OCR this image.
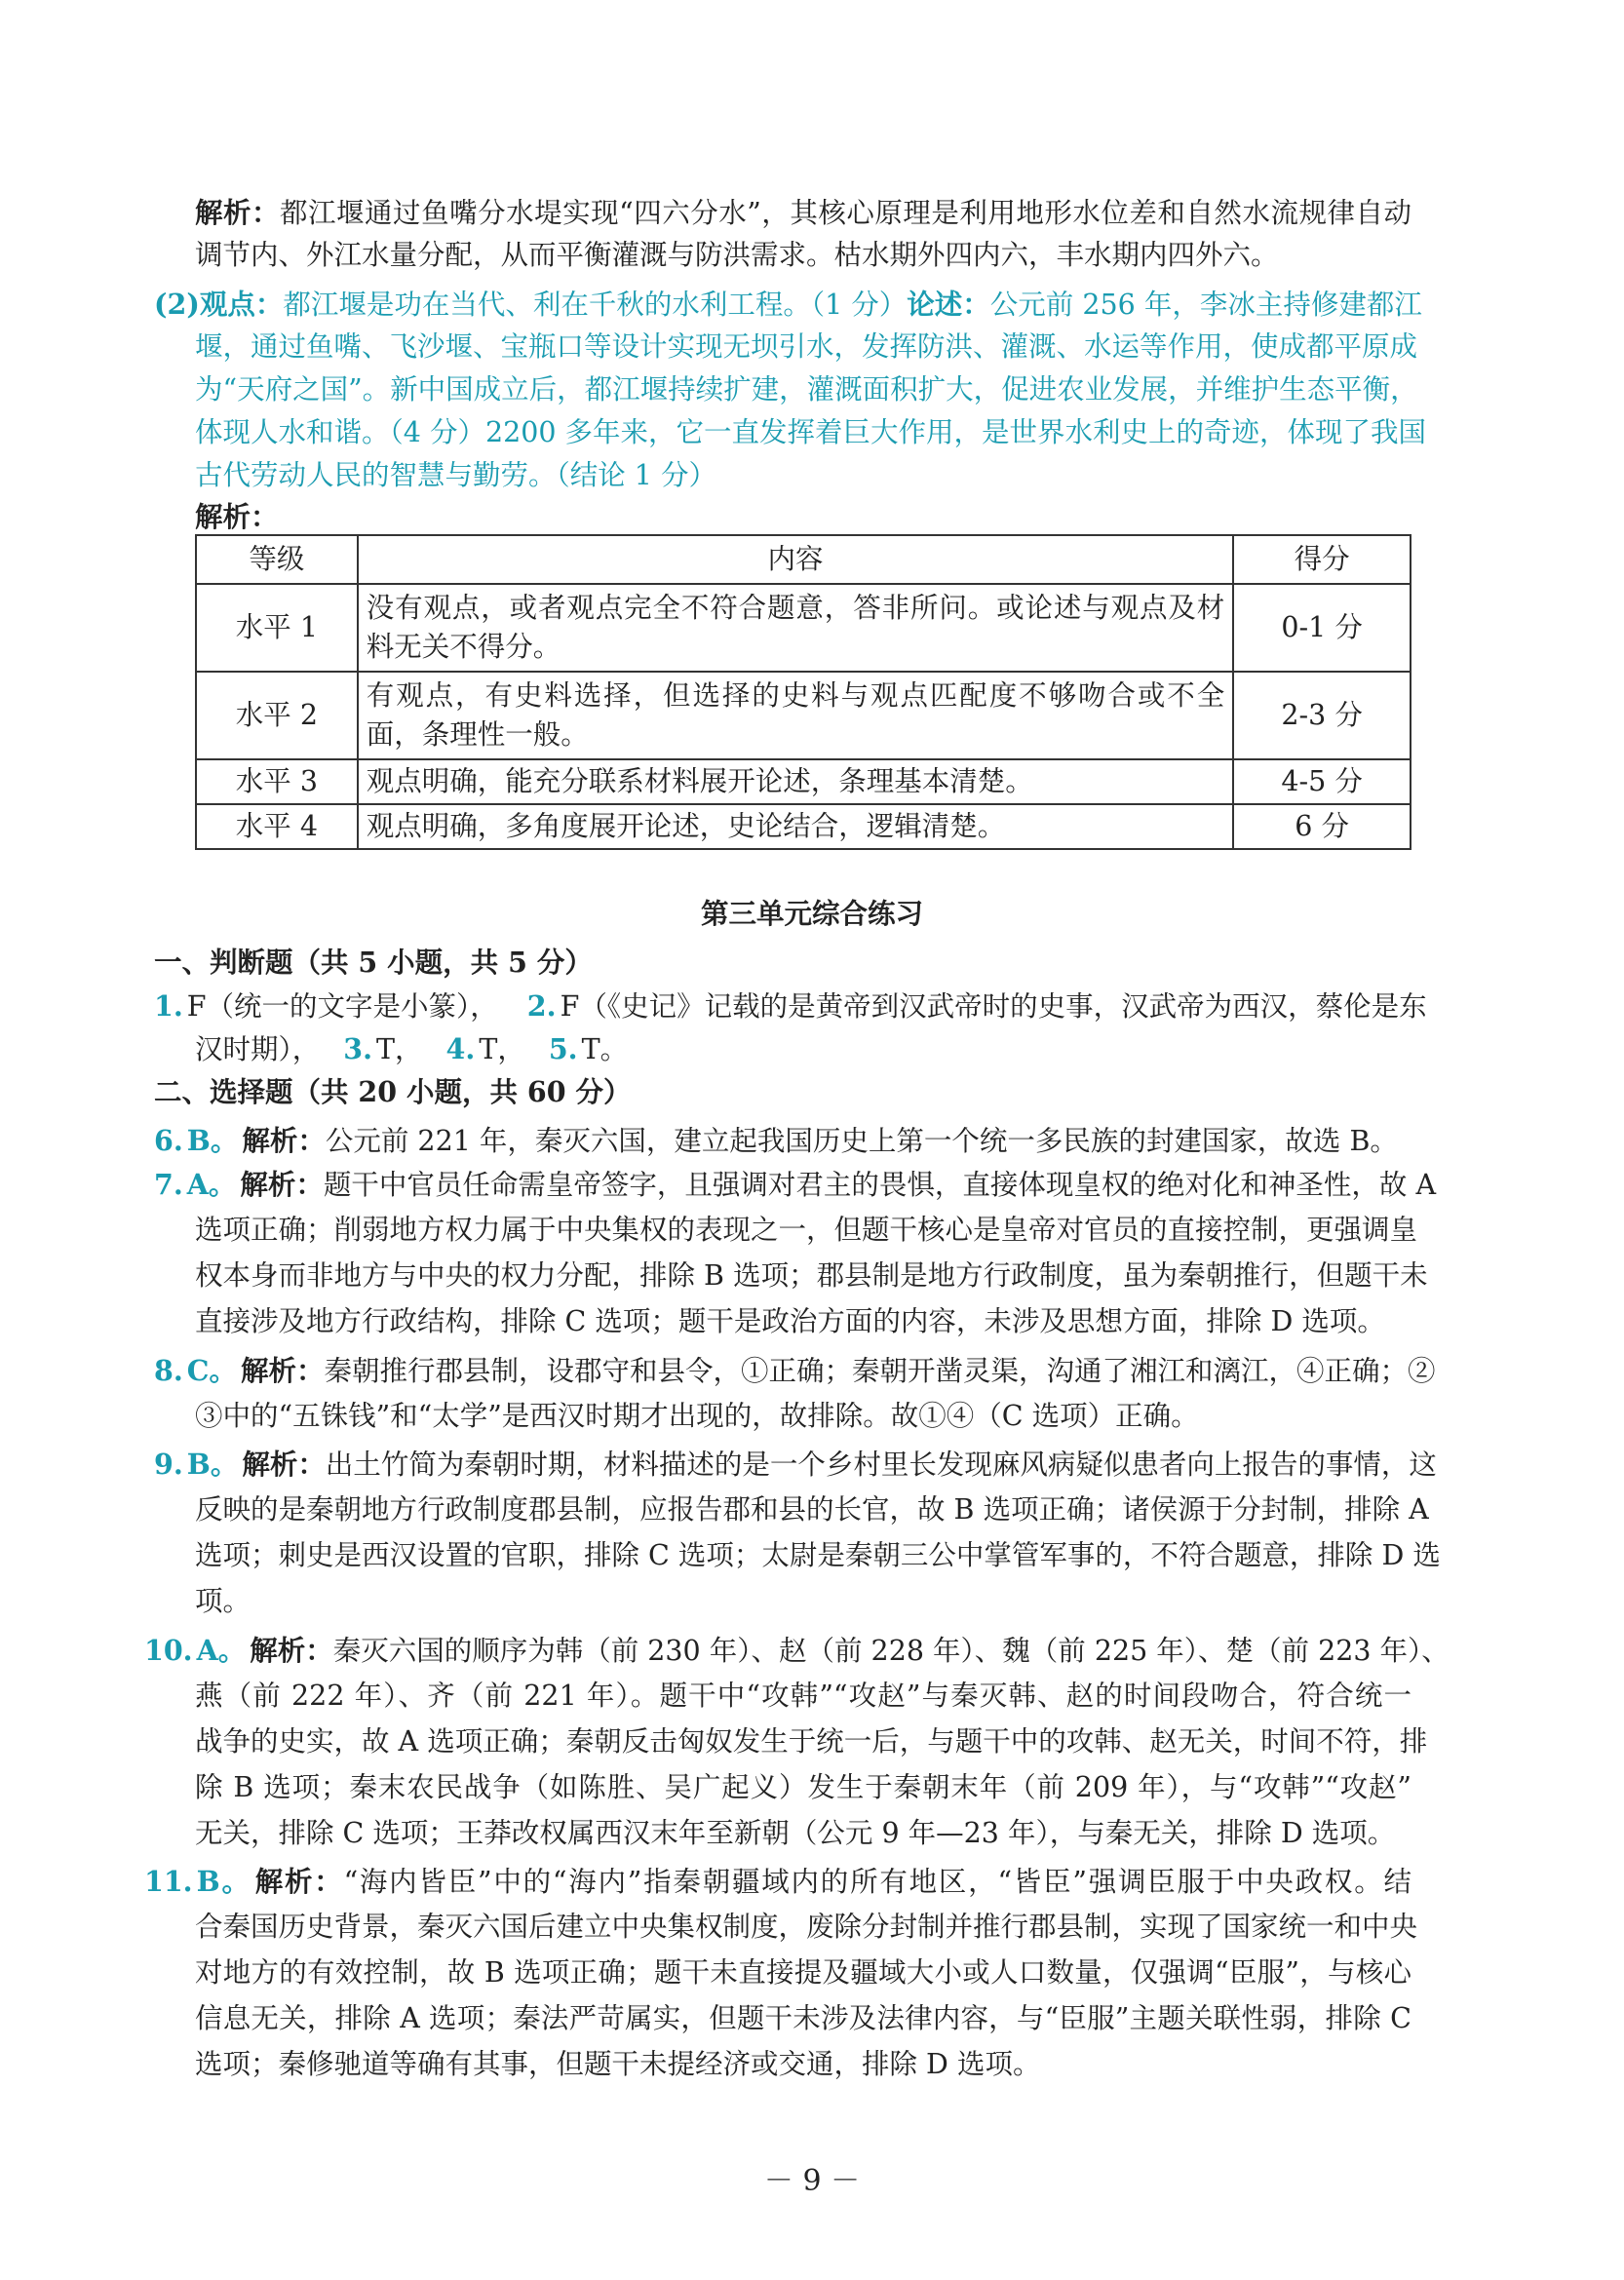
解析：都江堰通过鱼嘴分水堤实现“四六分水”，其核心原理是利用地形水位差和自然水流规律自动

调节内、外江水量分配，从而平衡灌溉与防洪需求。枯水期外四内六，丰水期内四外六。

(2)观点：都江堰是功在当代、利在千秋的水利工程。（1 分）论述：公元前 256 年，李冰主持修建都江

堰，通过鱼嘴、飞沙堰、宝瓶口等设计实现无坝引水，发挥防洪、灌溉、水运等作用，使成都平原成

为“天府之国”。新中国成立后，都江堰持续扩建，灌溉面积扩大，促进农业发展，并维护生态平衡，

体现人水和谐。（4 分）2200 多年来，它一直发挥着巨大作用，是世界水利史上的奇迹，体现了我国

古代劳动人民的智慧与勤劳。（结论 1 分）

解析：

等级	内容	得分
水平 1	没有观点，或者观点完全不符合题意，答非所问。或论述与观点及材料无关不得分。	0-1 分
水平 2	有观点，有史料选择，但选择的史料与观点匹配度不够吻合或不全面，条理性一般。	2-3 分
水平 3	观点明确，能充分联系材料展开论述，条理基本清楚。	4-5 分
水平 4	观点明确，多角度展开论述，史论结合，逻辑清楚。	6 分

第三单元综合练习

一、判断题（共 5 小题，共 5 分）

1. F（统一的文字是小篆）， 2. F（《史记》记载的是黄帝到汉武帝时的史事，汉武帝为西汉，蔡伦是东

汉时期）， 3. T， 4. T， 5. T。

二、选择题（共 20 小题，共 60 分）

6. B。 解析：公元前 221 年，秦灭六国，建立起我国历史上第一个统一多民族的封建国家，故选 B。

7. A。 解析：题干中官员任命需皇帝签字，且强调对君主的畏惧，直接体现皇权的绝对化和神圣性，故 A

选项正确；削弱地方权力属于中央集权的表现之一，但题干核心是皇帝对官员的直接控制，更强调皇

权本身而非地方与中央的权力分配，排除 B 选项；郡县制是地方行政制度，虽为秦朝推行，但题干未

直接涉及地方行政结构，排除 C 选项；题干是政治方面的内容，未涉及思想方面，排除 D 选项。

8. C。 解析：秦朝推行郡县制，设郡守和县令，①正确；秦朝开凿灵渠，沟通了湘江和漓江，④正确；②

③中的“五铢钱”和“太学”是西汉时期才出现的，故排除。故①④（C 选项）正确。

9. B。 解析：出土竹简为秦朝时期，材料描述的是一个乡村里长发现麻风病疑似患者向上报告的事情，这

反映的是秦朝地方行政制度郡县制，应报告郡和县的长官，故 B 选项正确；诸侯源于分封制，排除 A

选项；刺史是西汉设置的官职，排除 C 选项；太尉是秦朝三公中掌管军事的，不符合题意，排除 D 选

项。

10. A。 解析：秦灭六国的顺序为韩（前 230 年）、赵（前 228 年）、魏（前 225 年）、楚（前 223 年）、

燕（前 222 年）、齐（前 221 年）。题干中“攻韩”“攻赵”与秦灭韩、赵的时间段吻合，符合统一

战争的史实，故 A 选项正确；秦朝反击匈奴发生于统一后，与题干中的攻韩、赵无关，时间不符，排

除 B 选项；秦末农民战争（如陈胜、吴广起义）发生于秦朝末年（前 209 年），与“攻韩”“攻赵”

无关，排除 C 选项；王莽改权属西汉末年至新朝（公元 9 年—23 年），与秦无关，排除 D 选项。

11. B。 解析：“海内皆臣”中的“海内”指秦朝疆域内的所有地区，“皆臣”强调臣服于中央政权。结

合秦国历史背景，秦灭六国后建立中央集权制度，废除分封制并推行郡县制，实现了国家统一和中央

对地方的有效控制，故 B 选项正确；题干未直接提及疆域大小或人口数量，仅强调“臣服”，与核心

信息无关，排除 A 选项；秦法严苛属实，但题干未涉及法律内容，与“臣服”主题关联性弱，排除 C

选项；秦修驰道等确有其事，但题干未提经济或交通，排除 D 选项。

－ 9 －
